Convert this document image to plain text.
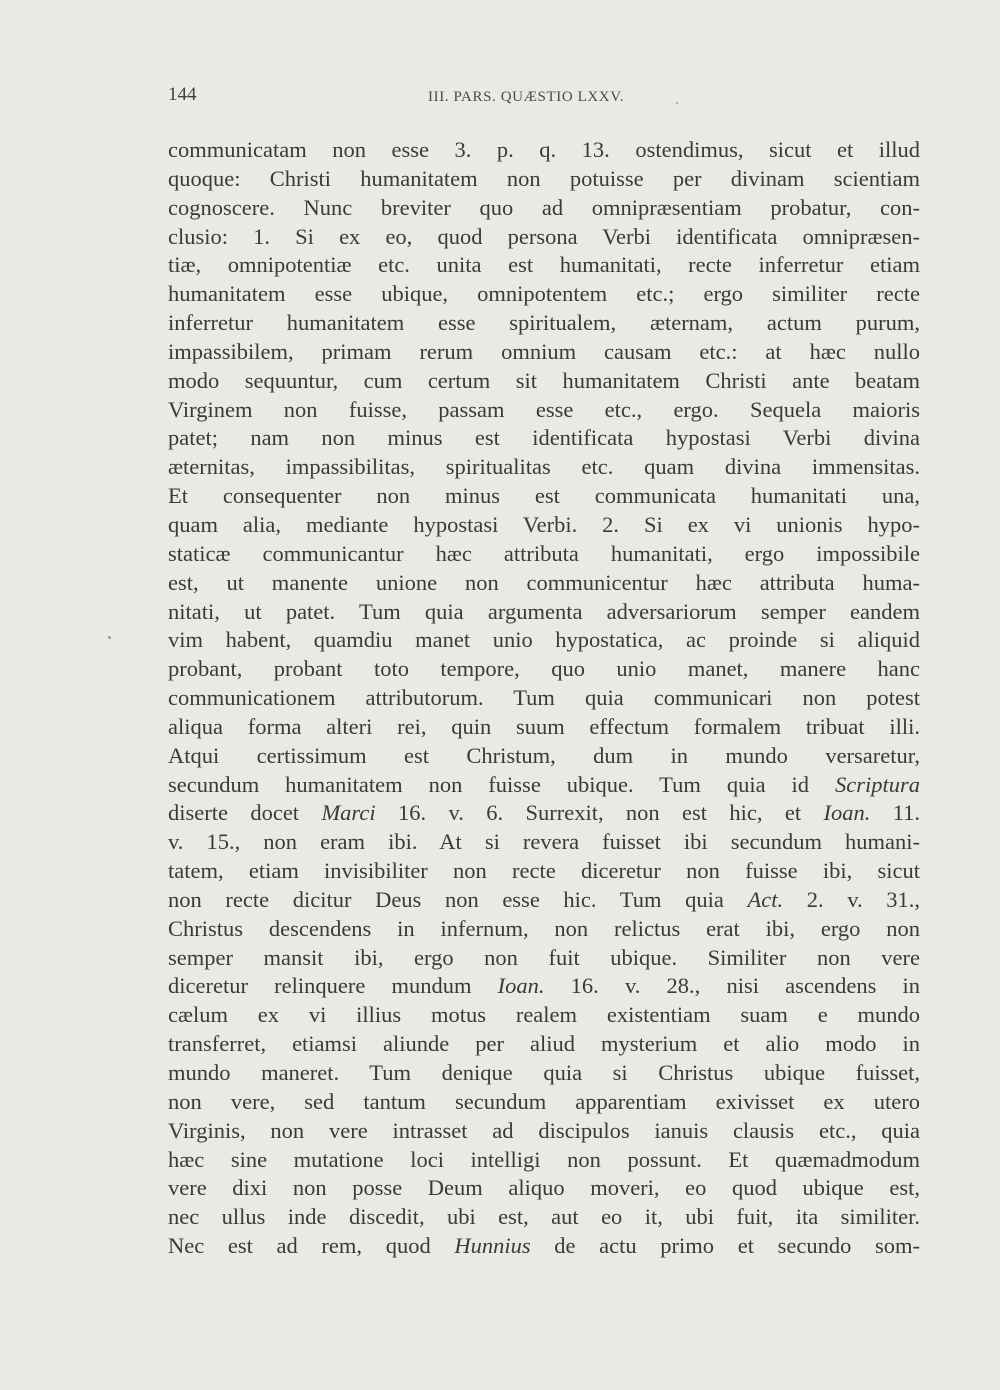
144	III. PARS. QUÆSTIO LXXV.
communicatam non esse 3. p. q. 13. ostendimus, sicut et illud
quoque: Christi humanitatem non potuisse per divinam scientiam
cognoscere. Nunc breviter quo ad omnipræsentiam probatur, con-
clusio: 1. Si ex eo, quod persona Verbi identificata omnipræsen-
tiæ, omnipotentiæ etc. unita est humanitati, recte inferretur etiam
humanitatem esse ubique, omnipotentem etc.; ergo similiter recte
inferretur humanitatem esse spiritualem, æternam, actum purum,
impassibilem, primam rerum omnium causam etc.: at hæc nullo
modo sequuntur, cum certum sit humanitatem Christi ante beatam
Virginem non fuisse, passam esse etc., ergo. Sequela maioris
patet; nam non minus est identificata hypostasi Verbi divina
æternitas, impassibilitas, spiritualitas etc. quam divina immensitas.
Et consequenter non minus est communicata humanitati una,
quam alia, mediante hypostasi Verbi. 2. Si ex vi unionis hypo-
staticæ communicantur hæc attributa humanitati, ergo impossibile
est, ut manente unione non communicentur hæc attributa huma-
nitati, ut patet. Tum quia argumenta adversariorum semper eandem
vim habent, quamdiu manet unio hypostatica, ac proinde si aliquid
probant, probant toto tempore, quo unio manet, manere hanc
communicationem attributorum. Tum quia communicari non potest
aliqua forma alteri rei, quin suum effectum formalem tribuat illi.
Atqui certissimum est Christum, dum in mundo versaretur,
secundum humanitatem non fuisse ubique. Tum quia id Scriptura
diserte docet Marci 16. v. 6. Surrexit, non est hic, et Ioan. 11.
v. 15., non eram ibi. At si revera fuisset ibi secundum humani-
tatem, etiam invisibiliter non recte diceretur non fuisse ibi, sicut
non recte dicitur Deus non esse hic. Tum quia Act. 2. v. 31.,
Christus descendens in infernum, non relictus erat ibi, ergo non
semper mansit ibi, ergo non fuit ubique. Similiter non vere
diceretur relinquere mundum Ioan. 16. v. 28., nisi ascendens in
cælum ex vi illius motus realem existentiam suam e mundo
transferret, etiamsi aliunde per aliud mysterium et alio modo in
mundo maneret. Tum denique quia si Christus ubique fuisset,
non vere, sed tantum secundum apparentiam exivisset ex utero
Virginis, non vere intrasset ad discipulos ianuis clausis etc., quia
hæc sine mutatione loci intelligi non possunt. Et quæmadmodum
vere dixi non posse Deum aliquo moveri, eo quod ubique est,
nec ullus inde discedit, ubi est, aut eo it, ubi fuit, ita similiter.
Nec est ad rem, quod Hunnius de actu primo et secundo som-
